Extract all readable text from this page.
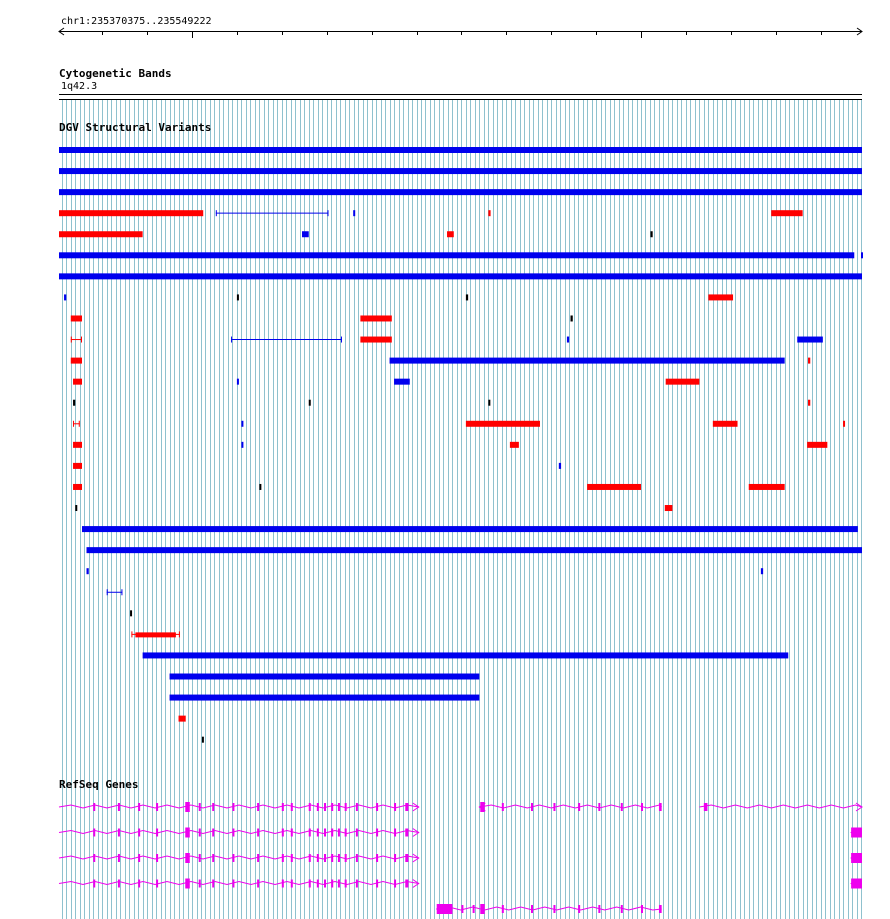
chr1:235370375..235549222
Cytogenetic Bands
1q42.3
DGV Structural Variants
RefSeq Genes
